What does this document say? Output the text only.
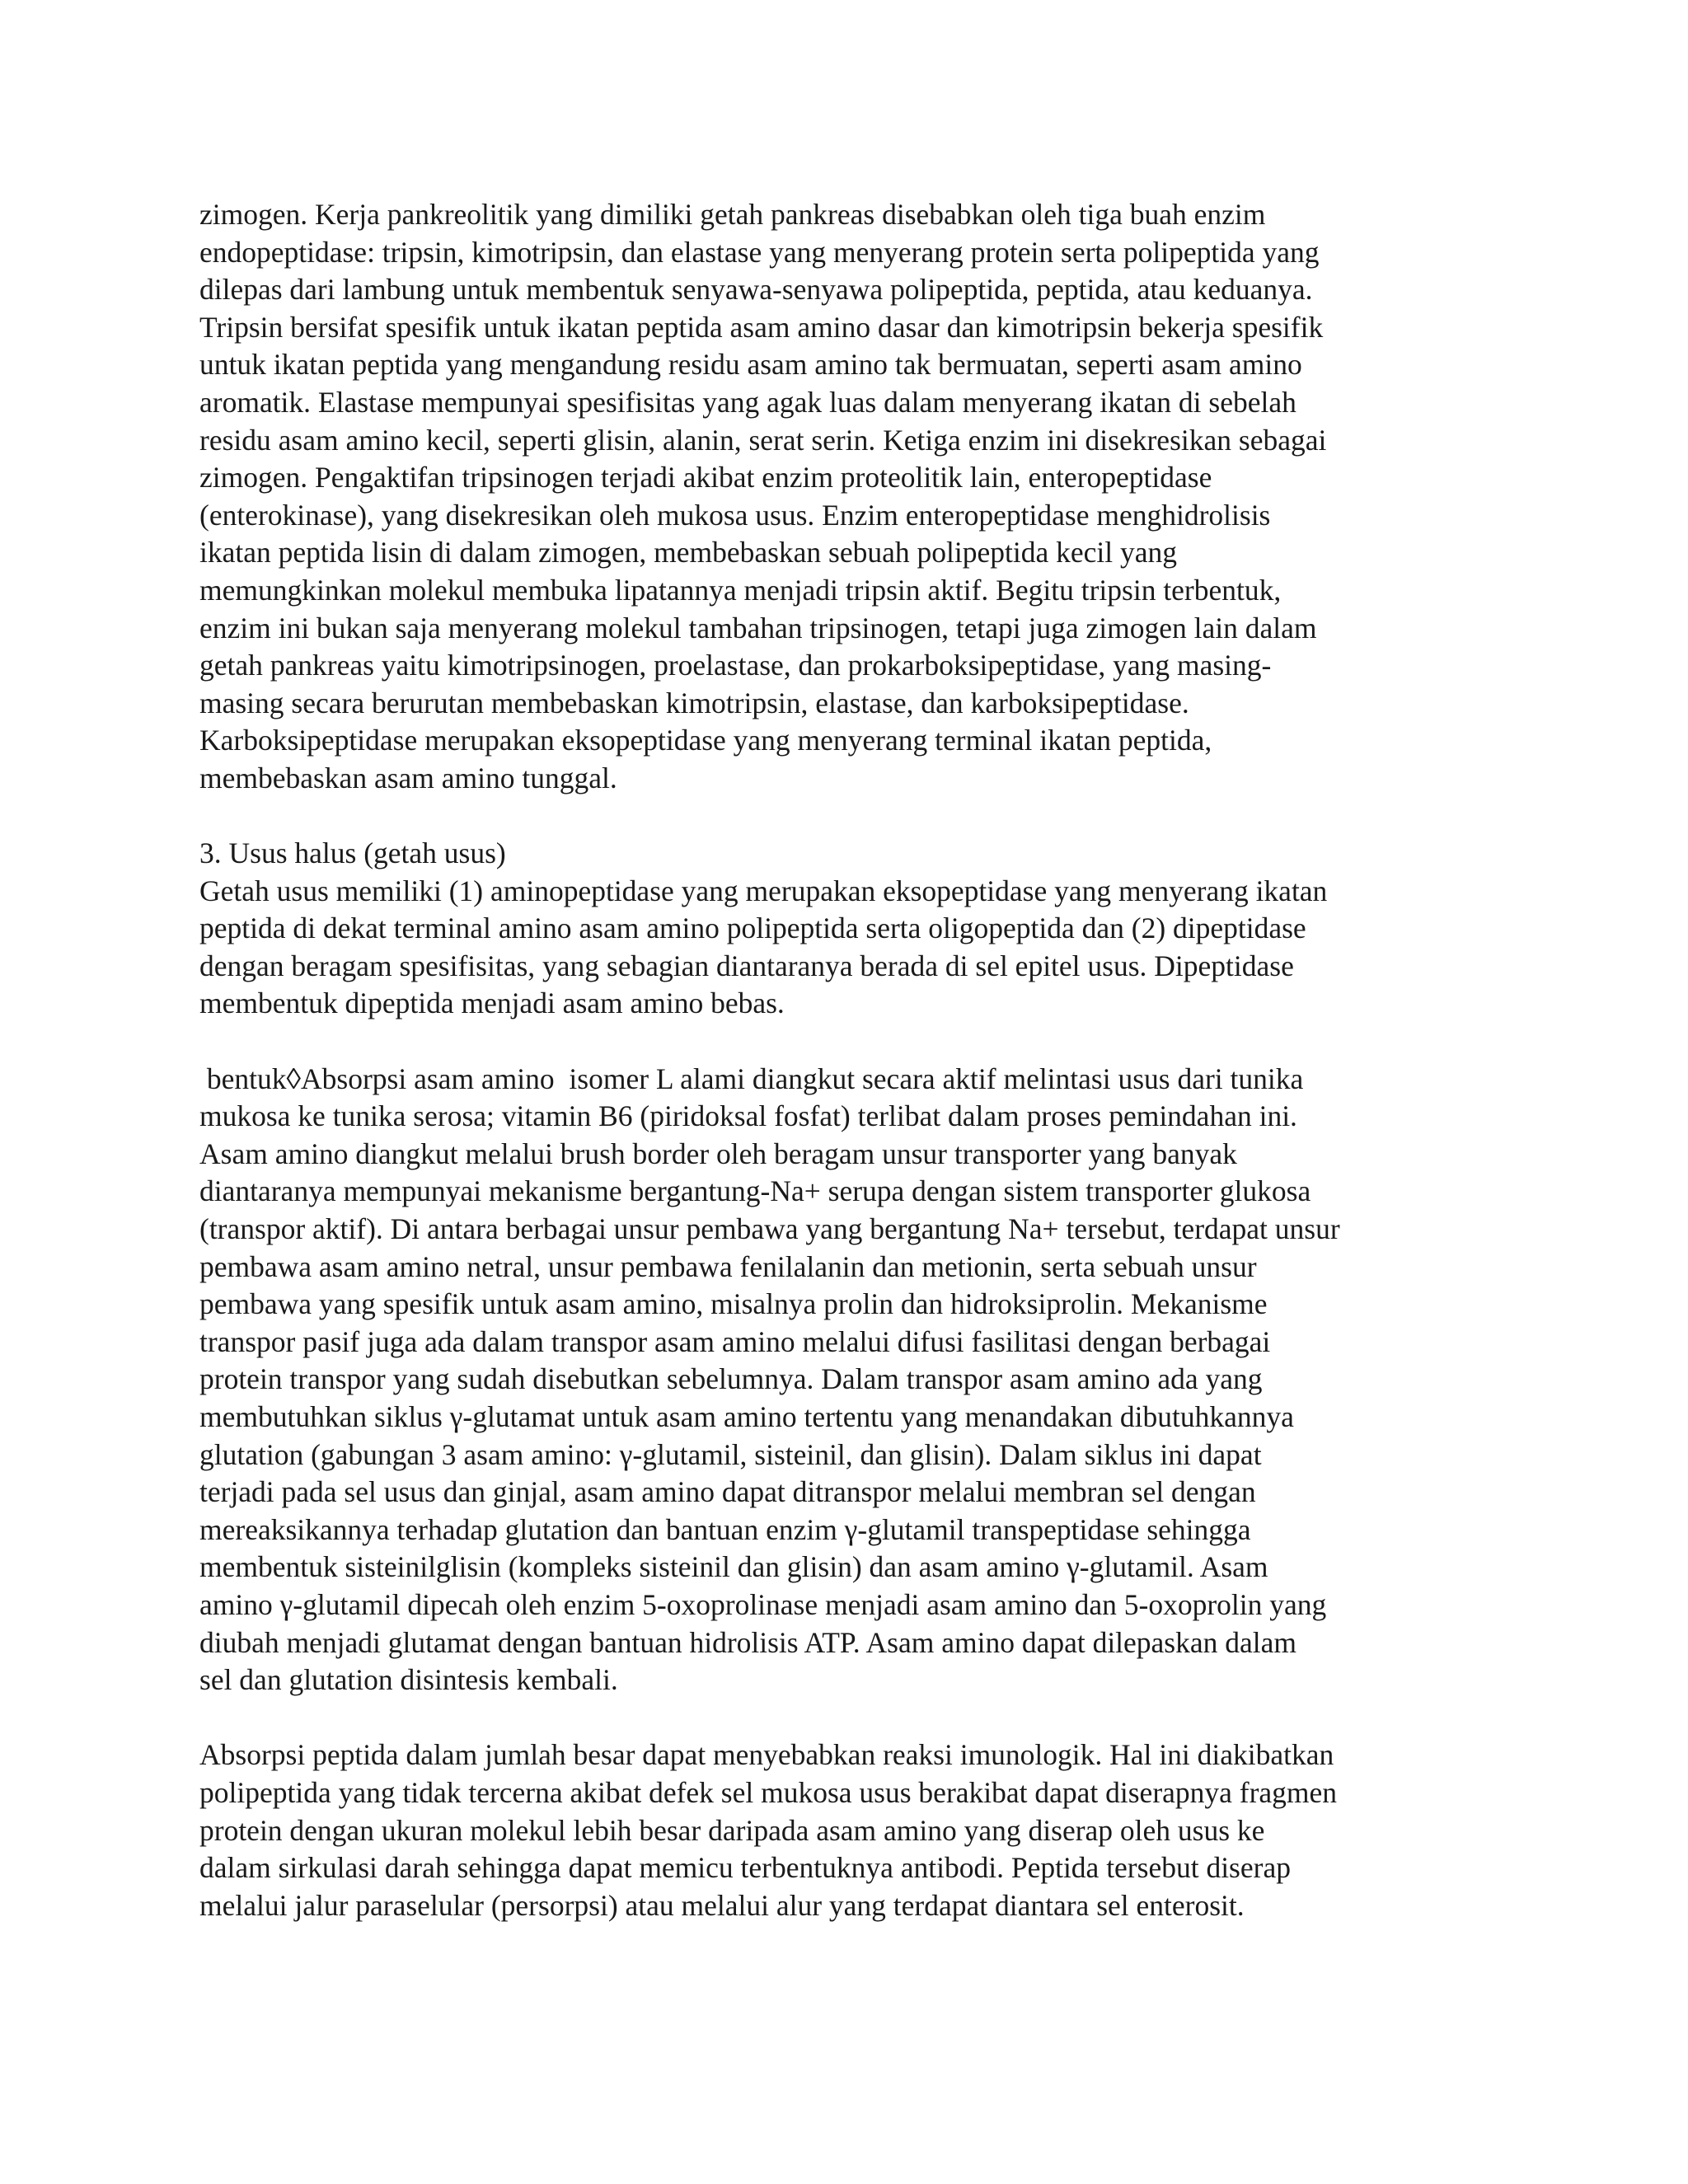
zimogen. Kerja pankreolitik yang dimiliki getah pankreas disebabkan oleh tiga buah enzim
endopeptidase: tripsin, kimotripsin, dan elastase yang menyerang protein serta polipeptida yang
dilepas dari lambung untuk membentuk senyawa-senyawa polipeptida, peptida, atau keduanya.
Tripsin bersifat spesifik untuk ikatan peptida asam amino dasar dan kimotripsin bekerja spesifik
untuk ikatan peptida yang mengandung residu asam amino tak bermuatan, seperti asam amino
aromatik. Elastase mempunyai spesifisitas yang agak luas dalam menyerang ikatan di sebelah
residu asam amino kecil, seperti glisin, alanin, serat serin. Ketiga enzim ini disekresikan sebagai
zimogen. Pengaktifan tripsinogen terjadi akibat enzim proteolitik lain, enteropeptidase
(enterokinase), yang disekresikan oleh mukosa usus. Enzim enteropeptidase menghidrolisis
ikatan peptida lisin di dalam zimogen, membebaskan sebuah polipeptida kecil yang
memungkinkan molekul membuka lipatannya menjadi tripsin aktif. Begitu tripsin terbentuk,
enzim ini bukan saja menyerang molekul tambahan tripsinogen, tetapi juga zimogen lain dalam
getah pankreas yaitu kimotripsinogen, proelastase, dan prokarboksipeptidase, yang masing-
masing secara berurutan membebaskan kimotripsin, elastase, dan karboksipeptidase.
Karboksipeptidase merupakan eksopeptidase yang menyerang terminal ikatan peptida,
membebaskan asam amino tunggal.
3. Usus halus (getah usus)
Getah usus memiliki (1) aminopeptidase yang merupakan eksopeptidase yang menyerang ikatan
peptida di dekat terminal amino asam amino polipeptida serta oligopeptida dan (2) dipeptidase
dengan beragam spesifisitas, yang sebagian diantaranya berada di sel epitel usus. Dipeptidase
membentuk dipeptida menjadi asam amino bebas.
bentuk◊Absorpsi asam amino  isomer L alami diangkut secara aktif melintasi usus dari tunika
mukosa ke tunika serosa; vitamin B6 (piridoksal fosfat) terlibat dalam proses pemindahan ini.
Asam amino diangkut melalui brush border oleh beragam unsur transporter yang banyak
diantaranya mempunyai mekanisme bergantung-Na+ serupa dengan sistem transporter glukosa
(transpor aktif). Di antara berbagai unsur pembawa yang bergantung Na+ tersebut, terdapat unsur
pembawa asam amino netral, unsur pembawa fenilalanin dan metionin, serta sebuah unsur
pembawa yang spesifik untuk asam amino, misalnya prolin dan hidroksiprolin. Mekanisme
transpor pasif juga ada dalam transpor asam amino melalui difusi fasilitasi dengan berbagai
protein transpor yang sudah disebutkan sebelumnya. Dalam transpor asam amino ada yang
membutuhkan siklus γ-glutamat untuk asam amino tertentu yang menandakan dibutuhkannya
glutation (gabungan 3 asam amino: γ-glutamil, sisteinil, dan glisin). Dalam siklus ini dapat
terjadi pada sel usus dan ginjal, asam amino dapat ditranspor melalui membran sel dengan
mereaksikannya terhadap glutation dan bantuan enzim γ-glutamil transpeptidase sehingga
membentuk sisteinilglisin (kompleks sisteinil dan glisin) dan asam amino γ-glutamil. Asam
amino γ-glutamil dipecah oleh enzim 5-oxoprolinase menjadi asam amino dan 5-oxoprolin yang
diubah menjadi glutamat dengan bantuan hidrolisis ATP. Asam amino dapat dilepaskan dalam
sel dan glutation disintesis kembali.
Absorpsi peptida dalam jumlah besar dapat menyebabkan reaksi imunologik. Hal ini diakibatkan
polipeptida yang tidak tercerna akibat defek sel mukosa usus berakibat dapat diserapnya fragmen
protein dengan ukuran molekul lebih besar daripada asam amino yang diserap oleh usus ke
dalam sirkulasi darah sehingga dapat memicu terbentuknya antibodi. Peptida tersebut diserap
melalui jalur paraselular (persorpsi) atau melalui alur yang terdapat diantara sel enterosit.
